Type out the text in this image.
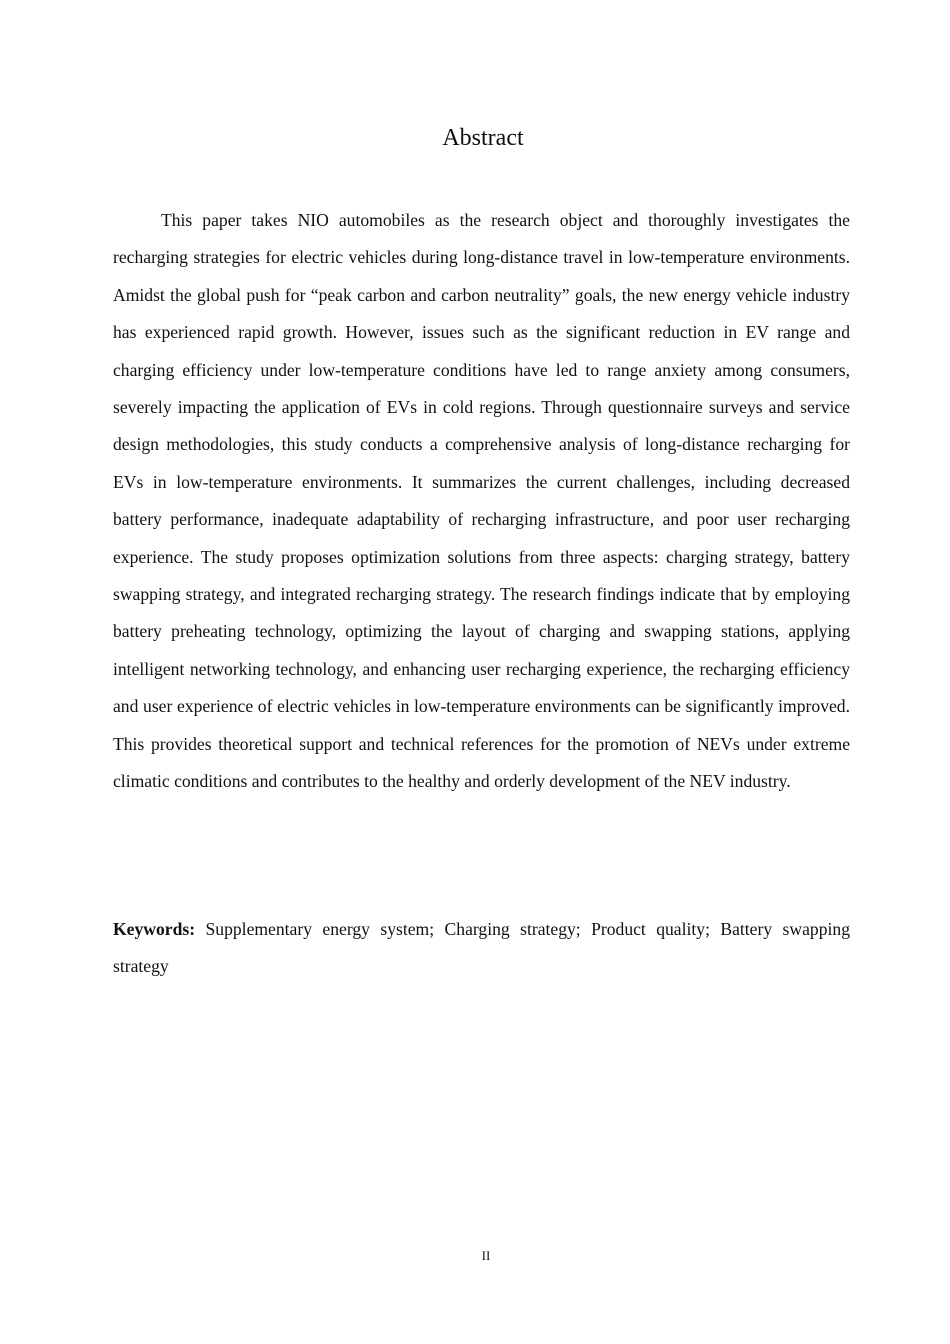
Abstract

This paper takes NIO automobiles as the research object and thoroughly investigates the recharging strategies for electric vehicles during long-distance travel in low-temperature environments. Amidst the global push for “peak carbon and carbon neutrality” goals, the new energy vehicle industry has experienced rapid growth. However, issues such as the significant reduction in EV range and charging efficiency under low-temperature conditions have led to range anxiety among consumers, severely impacting the application of EVs in cold regions. Through questionnaire surveys and service design methodologies, this study conducts a comprehensive analysis of long-distance recharging for EVs in low-temperature environments. It summarizes the current challenges, including decreased battery performance, inadequate adaptability of recharging infrastructure, and poor user recharging experience. The study proposes optimization solutions from three aspects: charging strategy, battery swapping strategy, and integrated recharging strategy. The research findings indicate that by employing battery preheating technology, optimizing the layout of charging and swapping stations, applying intelligent networking technology, and enhancing user recharging experience, the recharging efficiency and user experience of electric vehicles in low-temperature environments can be significantly improved. This provides theoretical support and technical references for the promotion of NEVs under extreme climatic conditions and contributes to the healthy and orderly development of the NEV industry.

Keywords: Supplementary energy system; Charging strategy; Product quality; Battery swapping strategy

II
